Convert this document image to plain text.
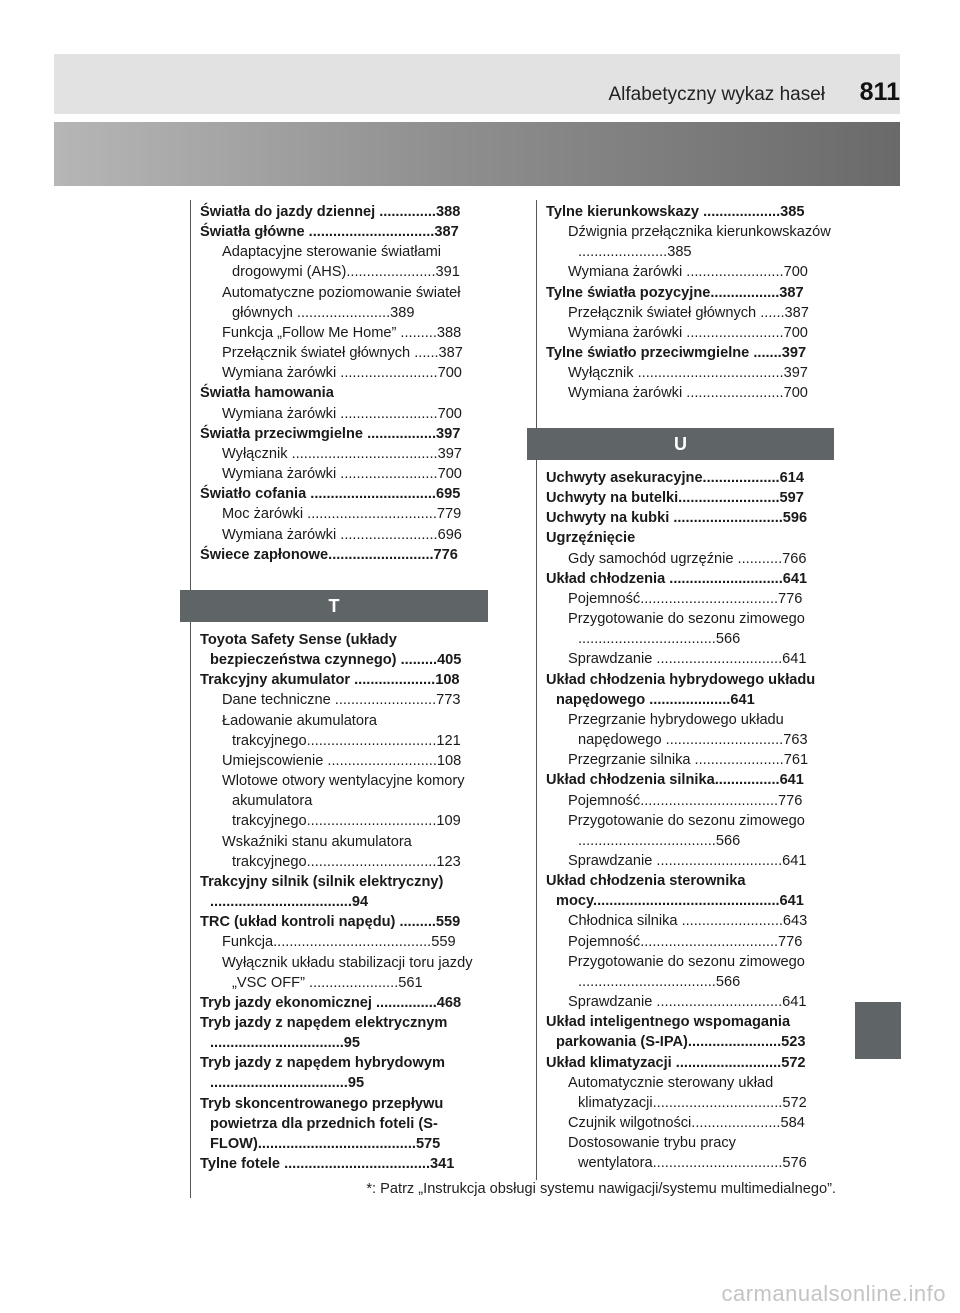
Alfabetyczny wykaz haseł 811

Światła do jazdy dziennej ..............388

Światła główne ...............................387

Adaptacyjne sterowanie światłami drogowymi (AHS)......................391

Automatyczne poziomowanie świateł głównych .......................389

Funkcja „Follow Me Home” .........388

Przełącznik świateł głównych ......387

Wymiana żarówki ........................700

Światła hamowania

Wymiana żarówki ........................700

Światła przeciwmgielne .................397

Wyłącznik ....................................397

Wymiana żarówki ........................700

Światło cofania ...............................695

Moc żarówki ................................779

Wymiana żarówki ........................696

Świece zapłonowe..........................776

T

Toyota Safety Sense (układy bezpieczeństwa czynnego) .........405

Trakcyjny akumulator ....................108

Dane techniczne .........................773

Ładowanie akumulatora trakcyjnego................................121

Umiejscowienie ...........................108

Wlotowe otwory wentylacyjne komory akumulatora trakcyjnego................................109

Wskaźniki stanu akumulatora trakcyjnego................................123

Trakcyjny silnik (silnik elektryczny) ...................................94

TRC (układ kontroli napędu) .........559

Funkcja.......................................559

Wyłącznik układu stabilizacji toru jazdy „VSC OFF” ......................561

Tryb jazdy ekonomicznej ...............468

Tryb jazdy z napędem elektrycznym .................................95

Tryb jazdy z napędem hybrydowym ..................................95

Tryb skoncentrowanego przepływu powietrza dla przednich foteli (S-FLOW).......................................575

Tylne fotele ....................................341

Tylne kierunkowskazy ...................385

Dźwignia przełącznika kierunkowskazów ......................385

Wymiana żarówki ........................700

Tylne światła pozycyjne.................387

Przełącznik świateł głównych ......387

Wymiana żarówki ........................700

Tylne światło przeciwmgielne .......397

Wyłącznik ....................................397

Wymiana żarówki ........................700

U

Uchwyty asekuracyjne...................614

Uchwyty na butelki.........................597

Uchwyty na kubki ...........................596

Ugrzęźnięcie

Gdy samochód ugrzęźnie ...........766

Układ chłodzenia ............................641

Pojemność..................................776

Przygotowanie do sezonu zimowego ..................................566

Sprawdzanie ...............................641

Układ chłodzenia hybrydowego układu napędowego ....................641

Przegrzanie hybrydowego układu napędowego .............................763

Przegrzanie silnika ......................761

Układ chłodzenia silnika................641

Pojemność..................................776

Przygotowanie do sezonu zimowego ..................................566

Sprawdzanie ...............................641

Układ chłodzenia sterownika mocy..............................................641

Chłodnica silnika .........................643

Pojemność..................................776

Przygotowanie do sezonu zimowego ..................................566

Sprawdzanie ...............................641

Układ inteligentnego wspomagania parkowania (S-IPA).......................523

Układ klimatyzacji ..........................572

Automatycznie sterowany układ klimatyzacji................................572

Czujnik wilgotności......................584

Dostosowanie trybu pracy wentylatora................................576

*: Patrz „Instrukcja obsługi systemu nawigacji/systemu multimedialnego”.
carmanualsonline.info
